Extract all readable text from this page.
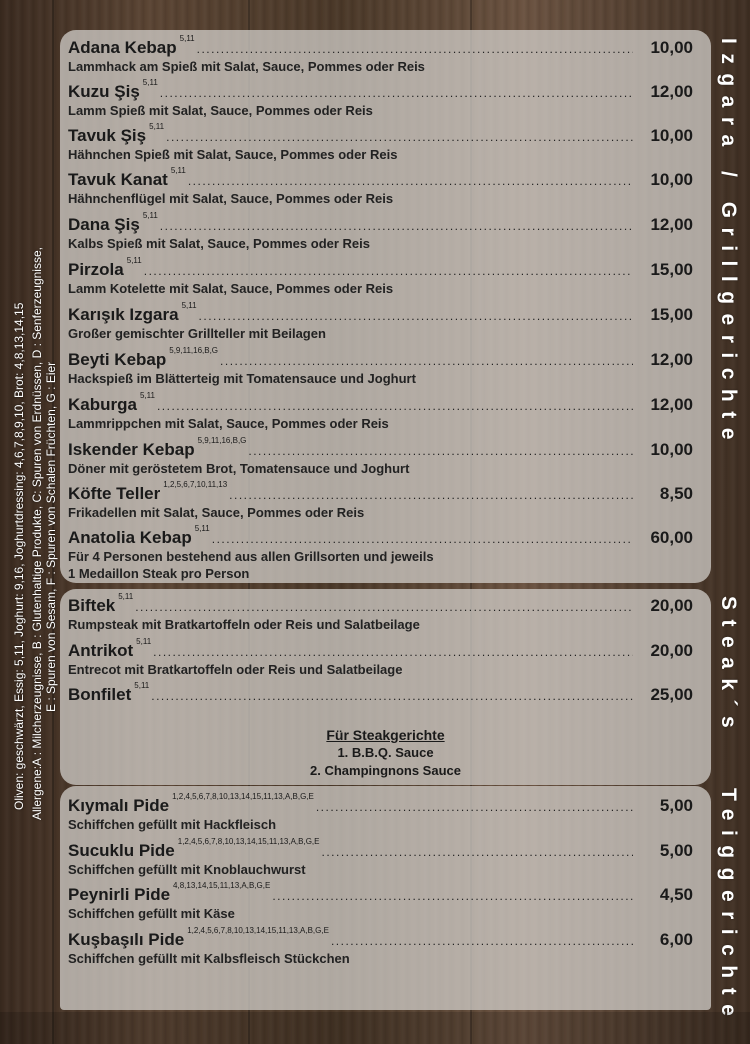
Oliven: geschwärzt, Essig: 5,11, Joghurt: 9,16, Joghurtdressing: 4,6,7,8,9,10, Brot: 4,8,13,14,15 Allergene:A : Milcherzeugnisse, B : Glutenhaltige Produkte, C: Spuren von Erdnüssen, D : Senferzeugnisse, E : Spuren von Sesam, F : Spuren von Schalen Früchten, G : Eier
Adana Kebap 5,11 .....	10,00
Lammhack am Spieß mit Salat, Sauce, Pommes oder Reis
Kuzu Şiş 5,11 .....	12,00
Lamm Spieß mit Salat, Sauce, Pommes oder Reis
Tavuk Şiş 5,11 .....	10,00
Hähnchen Spieß mit Salat, Sauce, Pommes oder Reis
Tavuk Kanat 5,11 .....	10,00
Hähnchenflügel mit Salat, Sauce, Pommes oder Reis
Dana Şiş 5,11 .....	12,00
Kalbs Spieß mit Salat, Sauce, Pommes oder Reis
Pirzola 5,11 .....	15,00
Lamm Kotelette mit Salat, Sauce, Pommes oder Reis
Karışık Izgara 5,11 .....	15,00
Großer gemischter Grillteller mit Beilagen
Beyti Kebap 5,9,11,16,B,G .....	12,00
Hackspieß im Blätterteig mit Tomatensauce und Joghurt
Kaburga 5,11 .....	12,00
Lammrippchen mit Salat, Sauce, Pommes oder Reis
Iskender Kebap 5,9,11,16,B,G .....	10,00
Döner mit geröstetem Brot, Tomatensauce und Joghurt
Köfte Teller 1,2,5,6,7,10,11,13 .....	8,50
Frikadellen mit Salat, Sauce, Pommes oder Reis
Anatolia Kebap 5,11 .....	60,00
Für 4 Personen bestehend aus allen Grillsorten und jeweils
1 Medaillon Steak pro Person
Biftek 5,11 .....	20,00
Rumpsteak mit Bratkartoffeln oder Reis und Salatbeilage
Antrikot 5,11 .....	20,00
Entrecot mit Bratkartoffeln oder Reis und Salatbeilage
Bonfilet 5,11 .....	25,00
Für Steakgerichte
1. B.B.Q. Sauce
2. Champingnons Sauce
Kıymalı Pide 1,2,4,5,6,7,8,10,13,14,15,11,13,A,B,G,E .....	5,00
Schiffchen gefüllt mit Hackfleisch
Sucuklu Pide 1,2,4,5,6,7,8,10,13,14,15,11,13,A,B,G,E .....	5,00
Schiffchen gefüllt mit Knoblauchwurst
Peynirli Pide 4,8,13,14,15,11,13,A,B,G,E .....	4,50
Schiffchen gefüllt mit Käse
Kuşbaşılı Pide 1,2,4,5,6,7,8,10,13,14,15,11,13,A,B,G,E .....	6,00
Schiffchen gefüllt mit Kalbsfleisch Stückchen
Izgara / Grillgerichte
Steak´s
Teiggerichte
